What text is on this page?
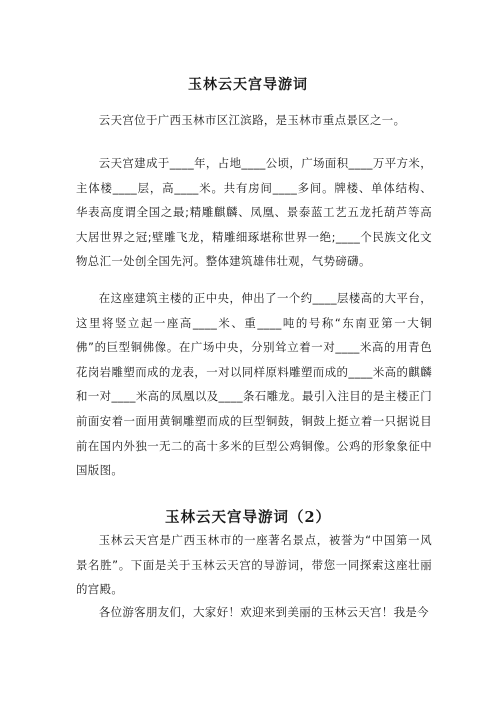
玉林云天宫导游词

云天宫位于广西玉林市区江滨路，是玉林市重点景区之一。

云天宫建成于____年，占地____公顷，广场面积____万平方米，主体楼____层，高____米。共有房间____多间。牌楼、单体结构、华表高度谓全国之最;精雕麒麟、凤凰、景泰蓝工艺五龙托葫芦等高大居世界之冠;壁雕飞龙，精雕细琢堪称世界一绝;____个民族文化文物总汇一处创全国先河。整体建筑雄伟壮观，气势磅礴。

在这座建筑主楼的正中央，伸出了一个约____层楼高的大平台，这里将竖立起一座高____米、重____吨的号称“东南亚第一大铜佛”的巨型铜佛像。在广场中央，分别耸立着一对____米高的用青色花岗岩雕塑而成的龙表，一对以同样原料雕塑而成的____米高的麒麟和一对____米高的凤凰以及____条石雕龙。最引入注目的是主楼正门前面安着一面用黄铜雕塑而成的巨型铜鼓，铜鼓上挺立着一只据说目前在国内外独一无二的高十多米的巨型公鸡铜像。公鸡的形象象征中国版图。

玉林云天宫导游词（2）

玉林云天宫是广西玉林市的一座著名景点，被誉为“中国第一风景名胜”。下面是关于玉林云天宫的导游词，带您一同探索这座壮丽的宫殿。

各位游客朋友们，大家好！欢迎来到美丽的玉林云天宫！我是今
